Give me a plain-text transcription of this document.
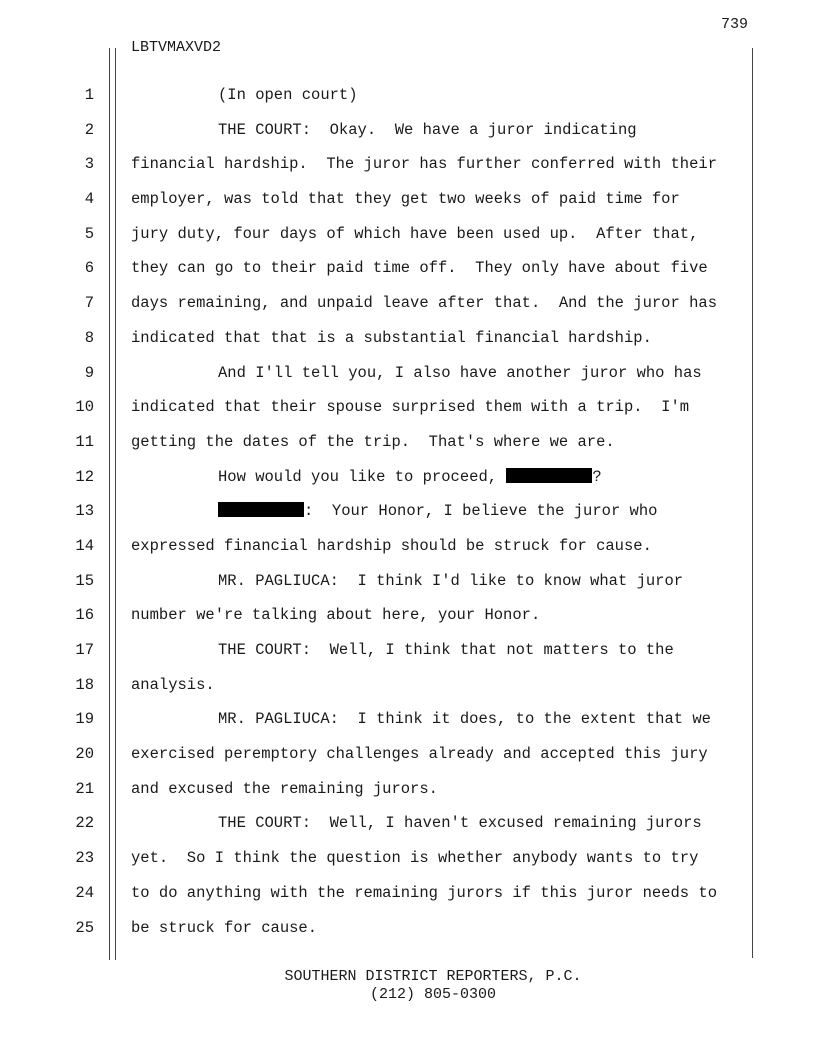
739
LBTVMAXVD2
1	(In open court)
2	THE COURT:  Okay.  We have a juror indicating
3 financial hardship.  The juror has further conferred with their
4 employer, was told that they get two weeks of paid time for
5 jury duty, four days of which have been used up.  After that,
6 they can go to their paid time off.  They only have about five
7 days remaining, and unpaid leave after that.  And the juror has
8 indicated that that is a substantial financial hardship.
9	And I'll tell you, I also have another juror who has
10 indicated that their spouse surprised them with a trip.  I'm
11 getting the dates of the trip.  That's where we are.
12	How would you like to proceed,	?
13	:  Your Honor, I believe the juror who
14 expressed financial hardship should be struck for cause.
15	MR. PAGLIUCA:  I think I'd like to know what juror
16 number we're talking about here, your Honor.
17	THE COURT:  Well, I think that not matters to the
18 analysis.
19	MR. PAGLIUCA:  I think it does, to the extent that we
20 exercised peremptory challenges already and accepted this jury
21 and excused the remaining jurors.
22	THE COURT:  Well, I haven't excused remaining jurors
23 yet.  So I think the question is whether anybody wants to try
24 to do anything with the remaining jurors if this juror needs to
25 be struck for cause.
SOUTHERN DISTRICT REPORTERS, P.C.
(212) 805-0300
